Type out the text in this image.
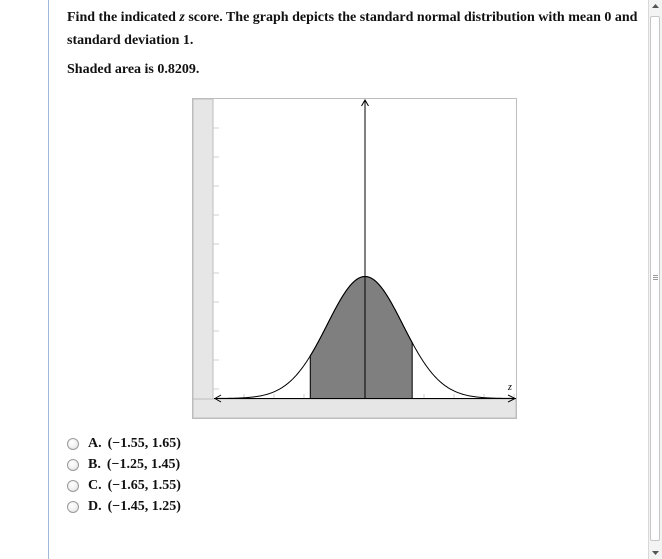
Find the indicated z score. The graph depicts the standard normal distribution with mean 0 and standard deviation 1.
Shaded area is 0.8209.
z
A. (−1.55, 1.65)
B. (−1.25, 1.45)
C. (−1.65, 1.55)
D. (−1.45, 1.25)
